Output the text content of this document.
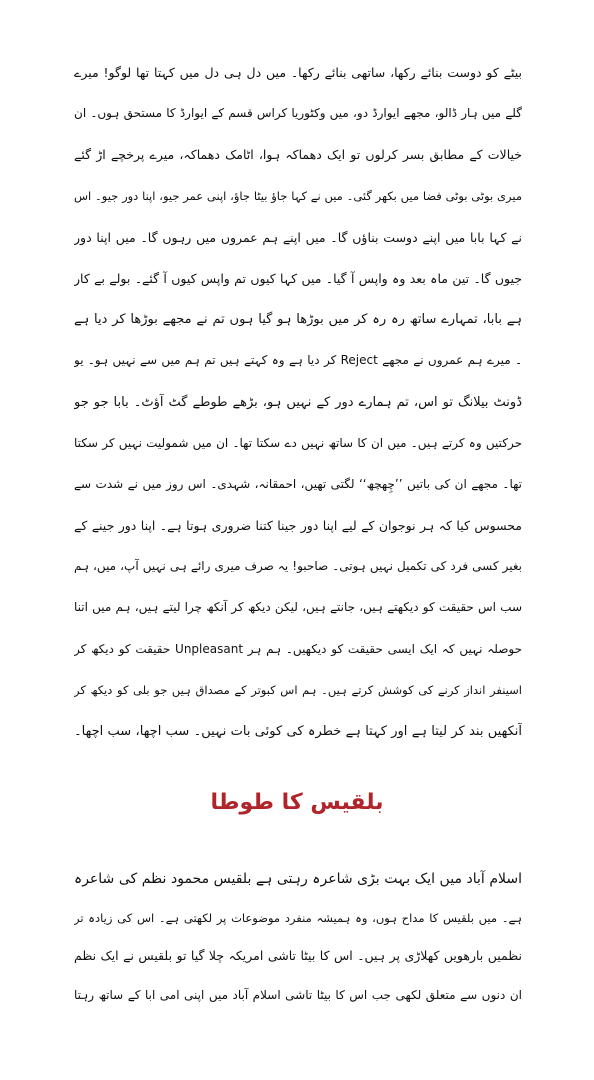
بیٹے کو دوست بنائے رکھا، ساتھی بنائے رکھا۔ میں دل ہی دل میں کہتا تھا لوگو! میرے
گلے میں ہار ڈالو، مجھے ایوارڈ دو، میں وکٹوریا کراس قسم کے ایوارڈ کا مستحق ہوں۔ ان
خیالات کے مطابق بسر کرلوں تو ایک دھماکہ ہوا، اٹامک دھماکہ، میرے پرخچے اڑ گئے
میری بوٹی بوٹی فضا میں بکھر گئی۔ میں نے کہا جاؤ بیٹا جاؤ، اپنی عمر جیو، اپنا دور جیو۔ اس
نے کہا بابا میں اپنے دوست بناؤں گا۔ میں اپنے ہم عمروں میں رہوں گا۔ میں اپنا دور
جیوں گا۔ تین ماہ بعد وہ واپس آ گیا۔ میں کہا کیوں تم واپس کیوں آ گئے۔ بولے بے کار
ہے بابا، تمہارے ساتھ رہ رہ کر میں بوڑھا ہو گیا ہوں تم نے مجھے بوڑھا کر دیا ہے
۔ میرے ہم عمروں نے مجھے Reject کر دیا ہے وہ کہتے ہیں تم ہم میں سے نہیں ہو۔ یو
ڈونٹ بیلانگ تو اس، تم ہمارے دور کے نہیں ہو، بڑھے طوطے گٹ آؤٹ۔ بابا جو جو
حرکتیں وہ کرتے ہیں۔ میں ان کا ساتھ نہیں دے سکتا تھا۔ ان میں شمولیت نہیں کر سکتا
تھا۔ مجھے ان کی باتیں ’’چِھچھ‘‘ لگتی تھیں، احمقانہ، شہدی۔ اس روز میں نے شدت سے
محسوس کیا کہ ہر نوجوان کے لیے اپنا دور جینا کتنا ضروری ہوتا ہے۔ اپنا دور جینے کے
بغیر کسی فرد کی تکمیل نہیں ہوتی۔ صاحبو! یہ صرف میری رائے ہی نہیں آپ، میں، ہم
سب اس حقیقت کو دیکھتے ہیں، جانتے ہیں، لیکن دیکھ کر آنکھ چرا لیتے ہیں، ہم میں اتنا
حوصلہ نہیں کہ ایک ایسی حقیقت کو دیکھیں۔ ہم ہر Unpleasant حقیقت کو دیکھ کر
اسینفر انداز کرنے کی کوشش کرتے ہیں۔ ہم اس کبوتر کے مصداق ہیں جو بلی کو دیکھ کر
آنکھیں بند کر لیتا ہے اور کہتا ہے خطرہ کی کوئی بات نہیں۔ سب اچھا، سب اچھا۔
بلقیس کا طوطا
اسلام آباد میں ایک بہت بڑی شاعرہ رہتی ہے بلقیس محمود نظم کی شاعرہ
ہے۔ میں بلقیس کا مداح ہوں، وہ ہمیشہ منفرد موضوعات پر لکھتی ہے۔ اس کی زیادہ تر
نظمیں بارھویں کھلاڑی پر ہیں۔ اس کا بیٹا تاشی امریکہ چلا گیا تو بلقیس نے ایک نظم
ان دنوں سے متعلق لکھی جب اس کا بیٹا تاشی اسلام آباد میں اپنی امی ابا کے ساتھ رہتا
